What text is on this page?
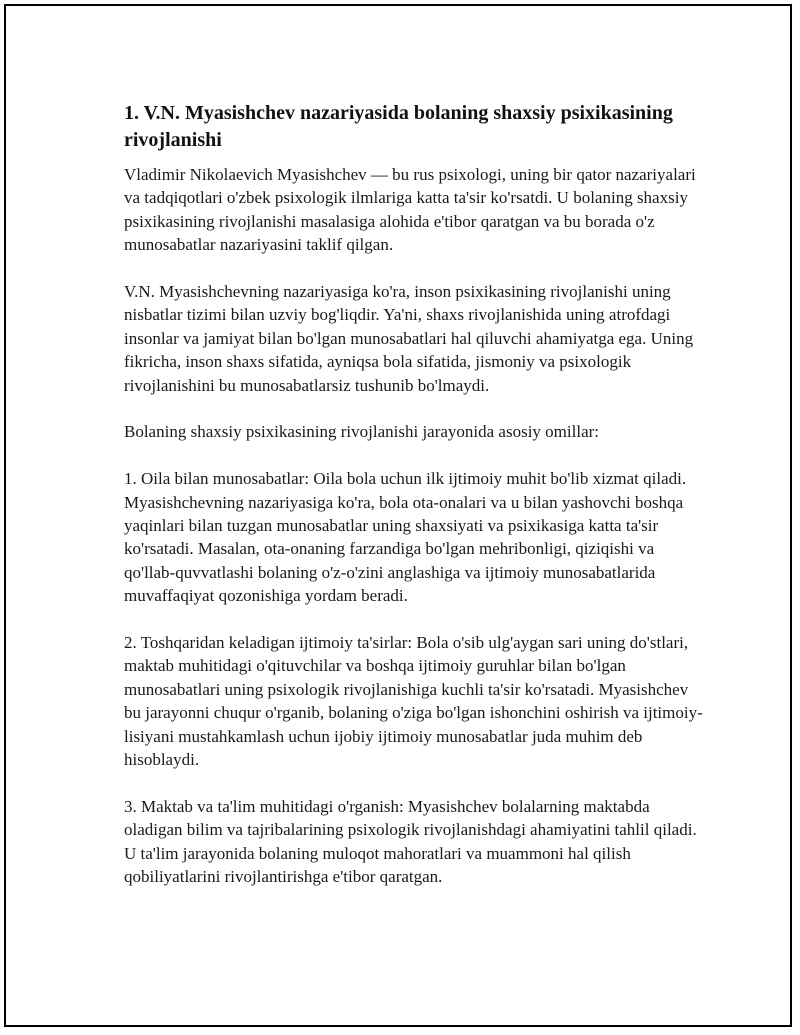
1. V.N. Myasishchev nazariyasida bolaning shaxsiy psixikasining rivojlanishi

Vladimir Nikolaevich Myasishchev — bu rus psixologi, uning bir qator nazariyalari va tadqiqotlari o'zbek psixologik ilmlariga katta ta'sir ko'rsatdi. U bolaning shaxsiy psixikasining rivojlanishi masalasiga alohida e'tibor qaratgan va bu borada o'z munosabatlar nazariyasini taklif qilgan.

V.N. Myasishchevning nazariyasiga ko'ra, inson psixikasining rivojlanishi uning nisbatlar tizimi bilan uzviy bog'liqdir. Ya'ni, shaxs rivojlanishida uning atrofdagi insonlar va jamiyat bilan bo'lgan munosabatlari hal qiluvchi ahamiyatga ega. Uning fikricha, inson shaxs sifatida, ayniqsa bola sifatida, jismoniy va psixologik rivojlanishini bu munosabatlarsiz tushunib bo'lmaydi.

Bolaning shaxsiy psixikasining rivojlanishi jarayonida asosiy omillar:

1. Oila bilan munosabatlar: Oila bola uchun ilk ijtimoiy muhit bo'lib xizmat qiladi. Myasishchevning nazariyasiga ko'ra, bola ota-onalari va u bilan yashovchi boshqa yaqinlari bilan tuzgan munosabatlar uning shaxsiyati va psixikasiga katta ta'sir ko'rsatadi. Masalan, ota-onaning farzandiga bo'lgan mehribonligi, qiziqishi va qo'llab-quvvatlashi bolaning o'z-o'zini anglashiga va ijtimoiy munosabatlarida muvaffaqiyat qozonishiga yordam beradi.

2. Toshqaridan keladigan ijtimoiy ta'sirlar: Bola o'sib ulg'aygan sari uning do'stlari, maktab muhitidagi o'qituvchilar va boshqa ijtimoiy guruhlar bilan bo'lgan munosabatlari uning psixologik rivojlanishiga kuchli ta'sir ko'rsatadi. Myasishchev bu jarayonni chuqur o'rganib, bolaning o'ziga bo'lgan ishonchini oshirish va ijtimoiy-lisiyani mustahkamlash uchun ijobiy ijtimoiy munosabatlar juda muhim deb hisoblaydi.

3. Maktab va ta'lim muhitidagi o'rganish: Myasishchev bolalarning maktabda oladigan bilim va tajribalarining psixologik rivojlanishdagi ahamiyatini tahlil qiladi. U ta'lim jarayonida bolaning muloqot mahoratlari va muammoni hal qilish qobiliyatlarini rivojlantirishga e'tibor qaratgan.
